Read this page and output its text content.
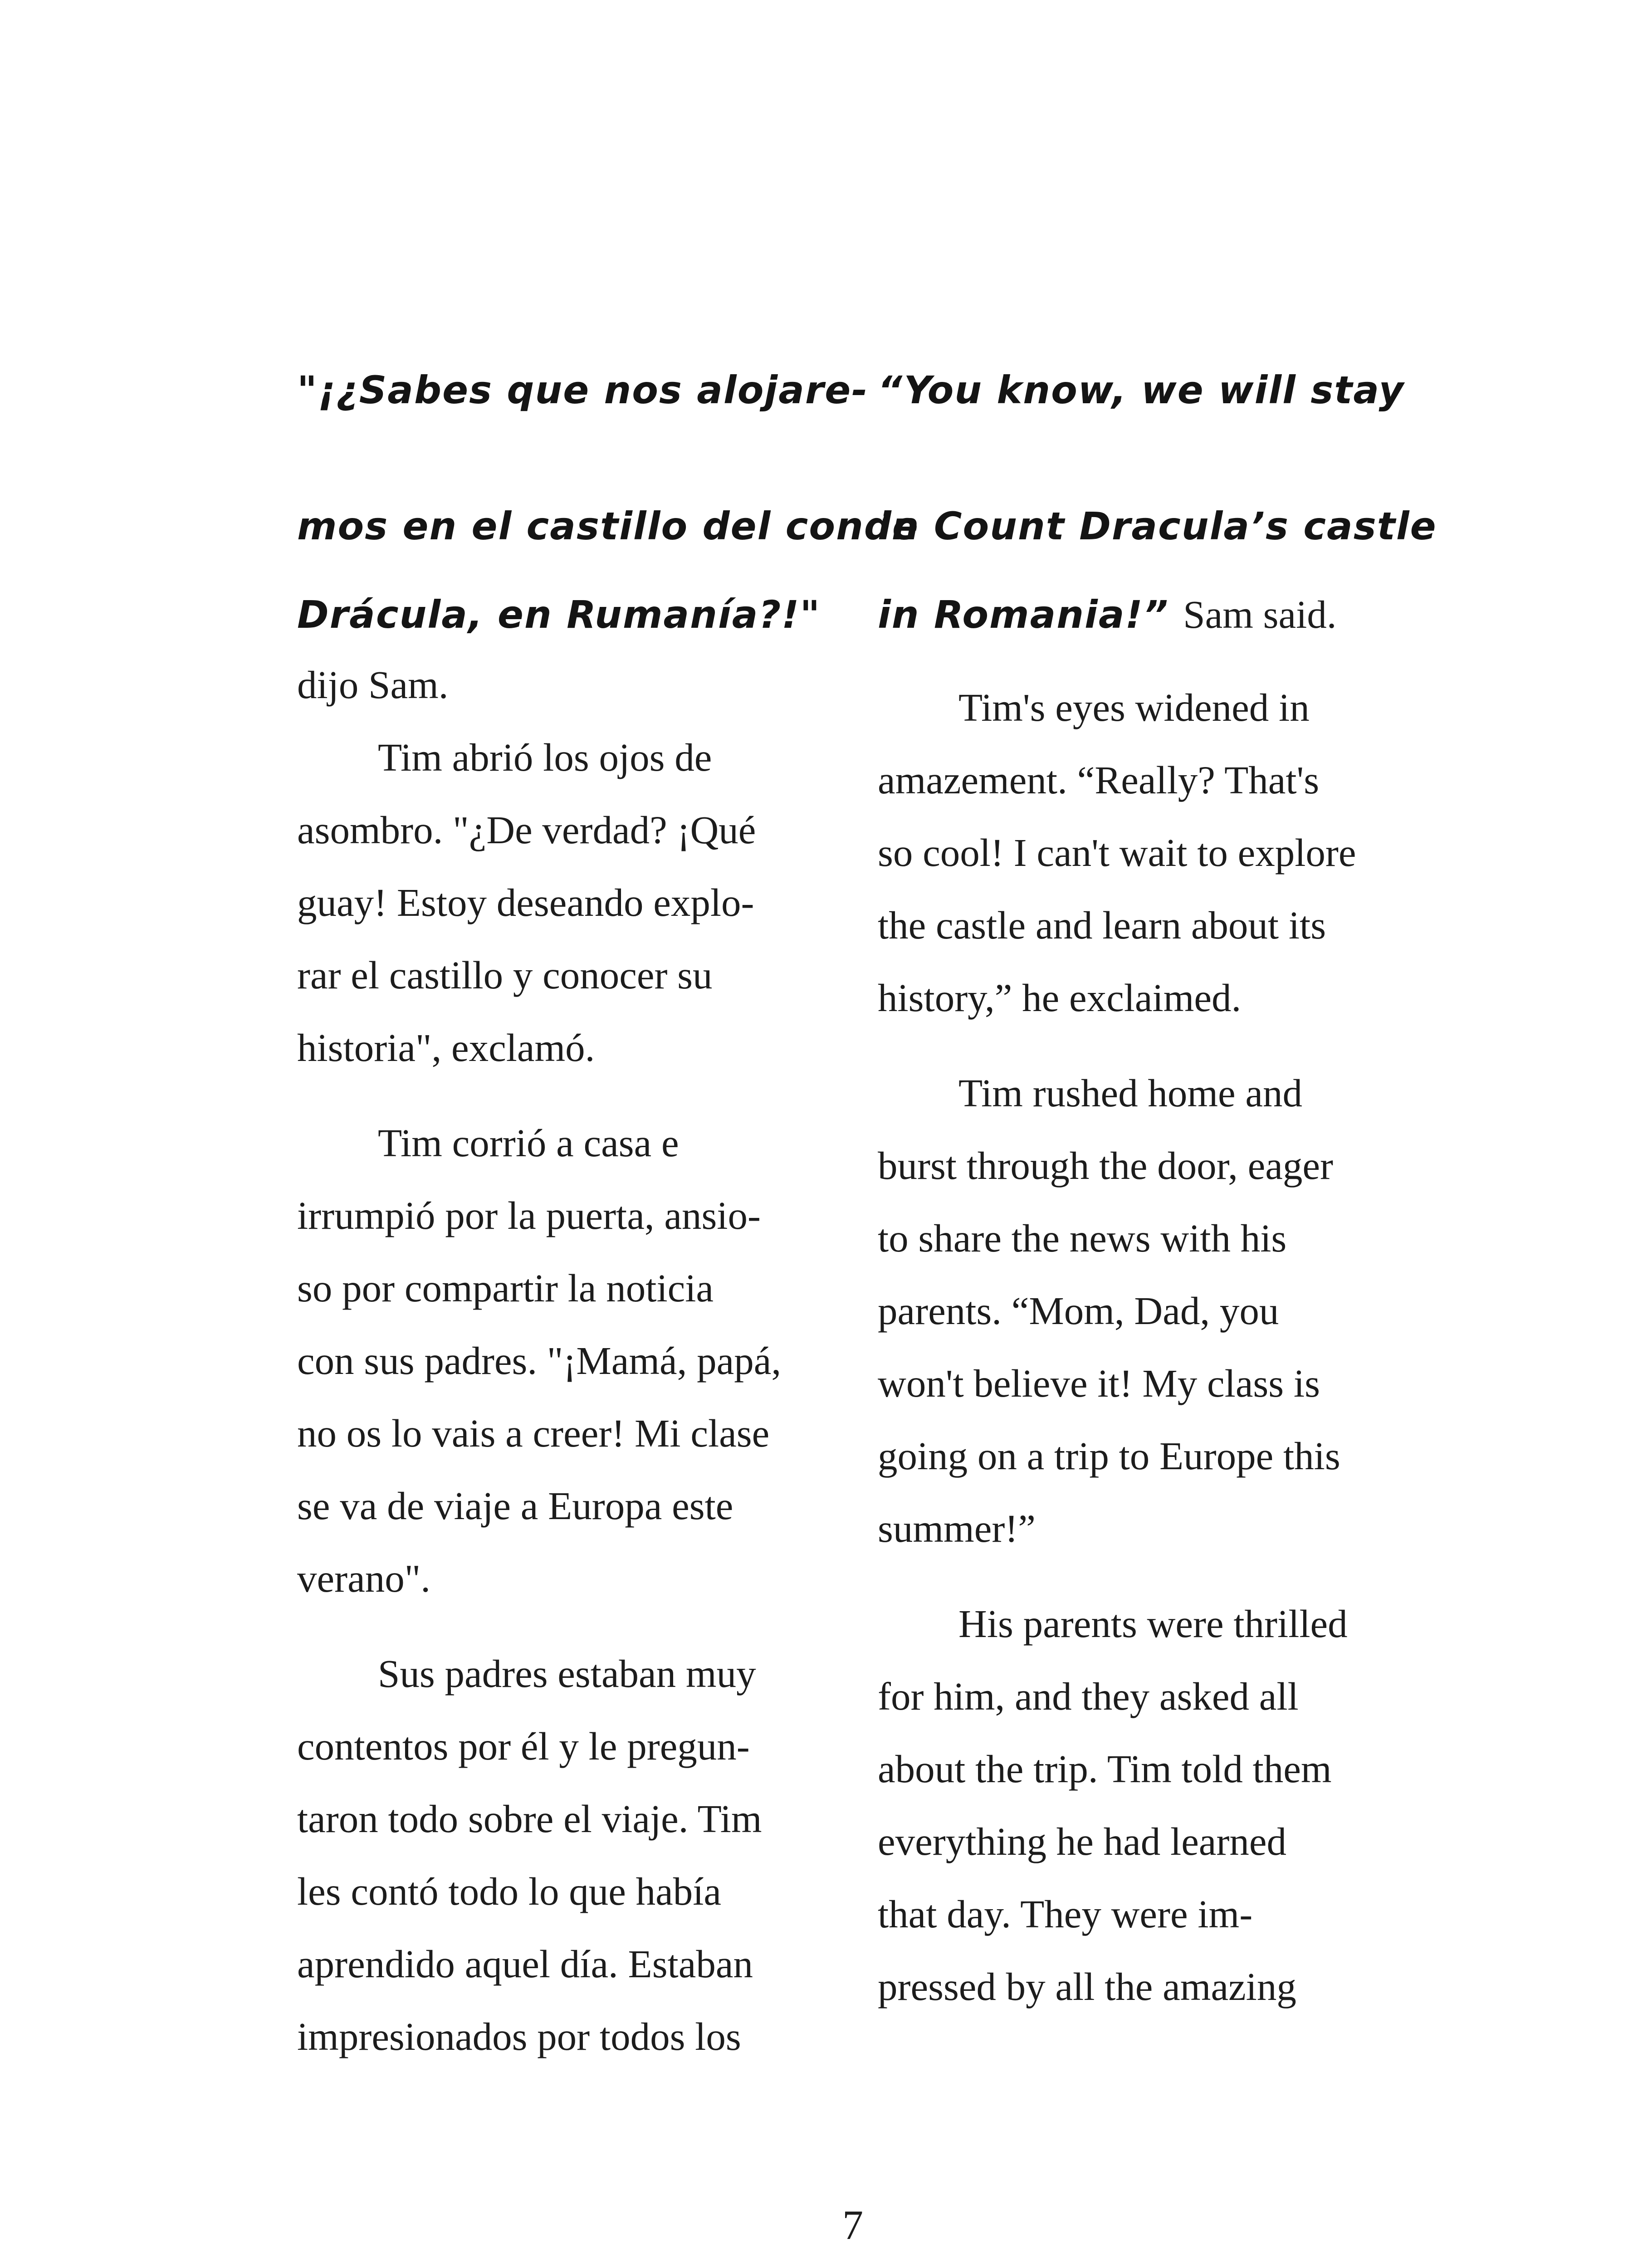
"¡¿Sabes que nos alojare-
mos en el castillo del conde
Drácula, en Rumanía?!"
dijo Sam.
Tim abrió los ojos de
asombro. "¿De verdad? ¡Qué
guay! Estoy deseando explo-
rar el castillo y conocer su
historia", exclamó.
Tim corrió a casa e
irrumpió por la puerta, ansio-
so por compartir la noticia
con sus padres. "¡Mamá, papá,
no os lo vais a creer! Mi clase
se va de viaje a Europa este
verano".
Sus padres estaban muy
contentos por él y le pregun-
taron todo sobre el viaje. Tim
les contó todo lo que había
aprendido aquel día. Estaban
impresionados por todos los
“You know, we will stay
in Count Dracula’s castle
in Romania!” Sam said.
Tim's eyes widened in
amazement. “Really? That's
so cool! I can't wait to explore
the castle and learn about its
history,” he exclaimed.
Tim rushed home and
burst through the door, eager
to share the news with his
parents. “Mom, Dad, you
won't believe it! My class is
going on a trip to Europe this
summer!”
His parents were thrilled
for him, and they asked all
about the trip. Tim told them
everything he had learned
that day. They were im-
pressed by all the amazing
7
